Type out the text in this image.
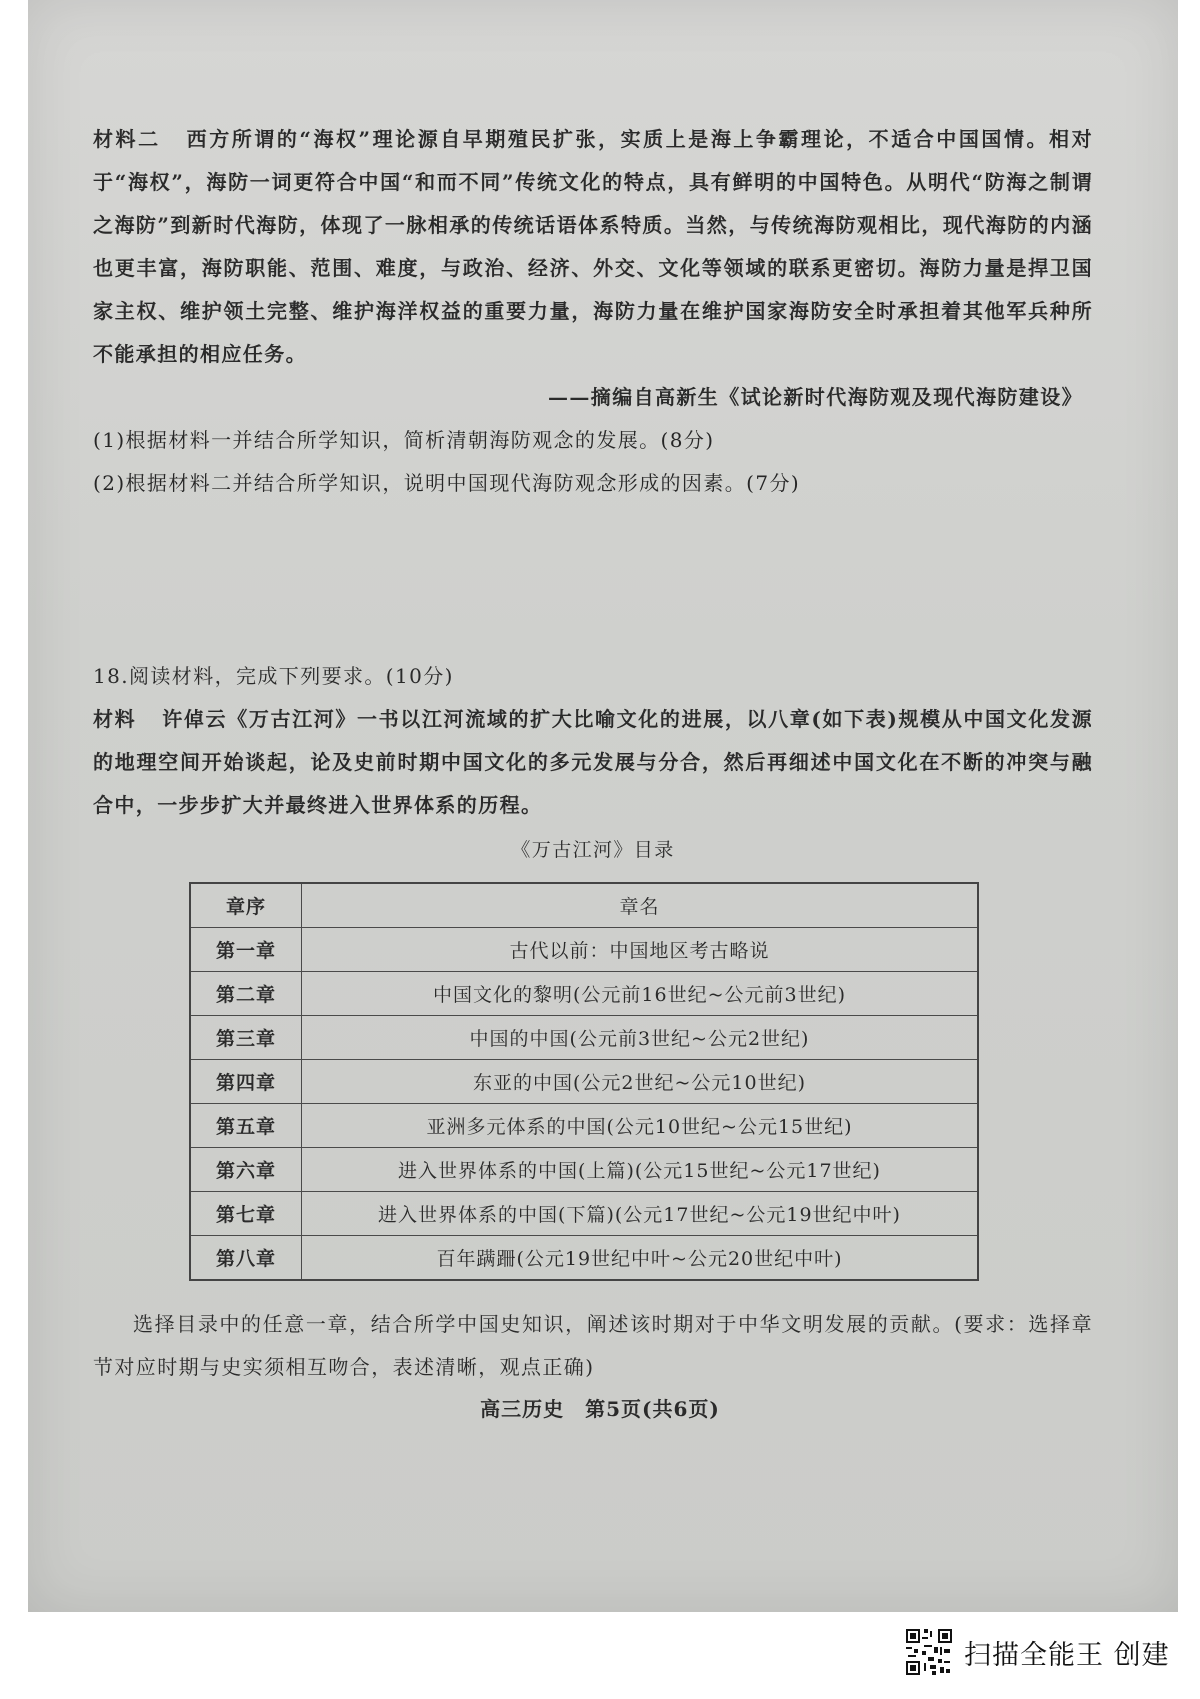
材料二 西方所谓的“海权”理论源自早期殖民扩张，实质上是海上争霸理论，不适合中国国情。相对于“海权”，海防一词更符合中国“和而不同”传统文化的特点，具有鲜明的中国特色。从明代“防海之制谓之海防”到新时代海防，体现了一脉相承的传统话语体系特质。当然，与传统海防观相比，现代海防的内涵也更丰富，海防职能、范围、难度，与政治、经济、外交、文化等领域的联系更密切。海防力量是捍卫国家主权、维护领土完整、维护海洋权益的重要力量，海防力量在维护国家海防安全时承担着其他军兵种所不能承担的相应任务。

——摘编自高新生《试论新时代海防观及现代海防建设》

(1)根据材料一并结合所学知识，简析清朝海防观念的发展。(8分)

(2)根据材料二并结合所学知识，说明中国现代海防观念形成的因素。(7分)

18.阅读材料，完成下列要求。(10分)

材料 许倬云《万古江河》一书以江河流域的扩大比喻文化的进展，以八章(如下表)规模从中国文化发源的地理空间开始谈起，论及史前时期中国文化的多元发展与分合，然后再细述中国文化在不断的冲突与融合中，一步步扩大并最终进入世界体系的历程。

《万古江河》目录

章序	章名
第一章	古代以前：中国地区考古略说
第二章	中国文化的黎明(公元前16世纪~公元前3世纪)
第三章	中国的中国(公元前3世纪~公元2世纪)
第四章	东亚的中国(公元2世纪~公元10世纪)
第五章	亚洲多元体系的中国(公元10世纪~公元15世纪)
第六章	进入世界体系的中国(上篇)(公元15世纪~公元17世纪)
第七章	进入世界体系的中国(下篇)(公元17世纪~公元19世纪中叶)
第八章	百年蹒跚(公元19世纪中叶~公元20世纪中叶)

选择目录中的任意一章，结合所学中国史知识，阐述该时期对于中华文明发展的贡献。(要求：选择章节对应时期与史实须相互吻合，表述清晰，观点正确)

高三历史　第5页(共6页)
扫描全能王 创建
